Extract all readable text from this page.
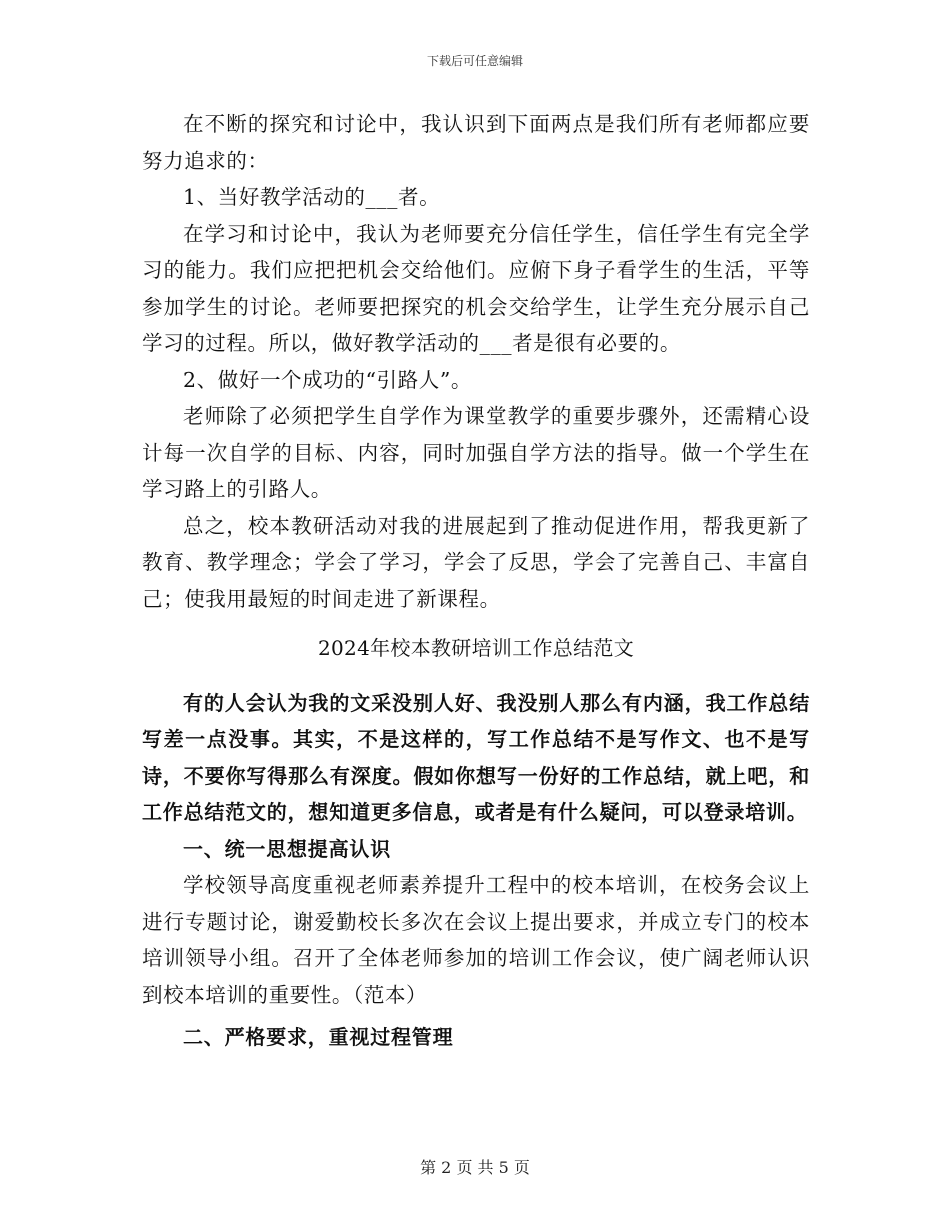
下载后可任意编辑

在不断的探究和讨论中，我认识到下面两点是我们所有老师都应要努力追求的：

1、当好教学活动的___者。

在学习和讨论中，我认为老师要充分信任学生，信任学生有完全学习的能力。我们应把把机会交给他们。应俯下身子看学生的生活，平等参加学生的讨论。老师要把探究的机会交给学生，让学生充分展示自己学习的过程。所以，做好教学活动的___者是很有必要的。

2、做好一个成功的“引路人”。

老师除了必须把学生自学作为课堂教学的重要步骤外，还需精心设计每一次自学的目标、内容，同时加强自学方法的指导。做一个学生在学习路上的引路人。

总之，校本教研活动对我的进展起到了推动促进作用，帮我更新了教育、教学理念；学会了学习，学会了反思，学会了完善自己、丰富自己；使我用最短的时间走进了新课程。

2024年校本教研培训工作总结范文

有的人会认为我的文采没别人好、我没别人那么有内涵，我工作总结写差一点没事。其实，不是这样的，写工作总结不是写作文、也不是写诗，不要你写得那么有深度。假如你想写一份好的工作总结，就上吧，和工作总结范文的，想知道更多信息，或者是有什么疑问，可以登录培训。

一、统一思想提高认识

学校领导高度重视老师素养提升工程中的校本培训，在校务会议上进行专题讨论，谢爱勤校长多次在会议上提出要求，并成立专门的校本培训领导小组。召开了全体老师参加的培训工作会议，使广阔老师认识到校本培训的重要性。（范本）

二、严格要求，重视过程管理

第 2 页 共 5 页
